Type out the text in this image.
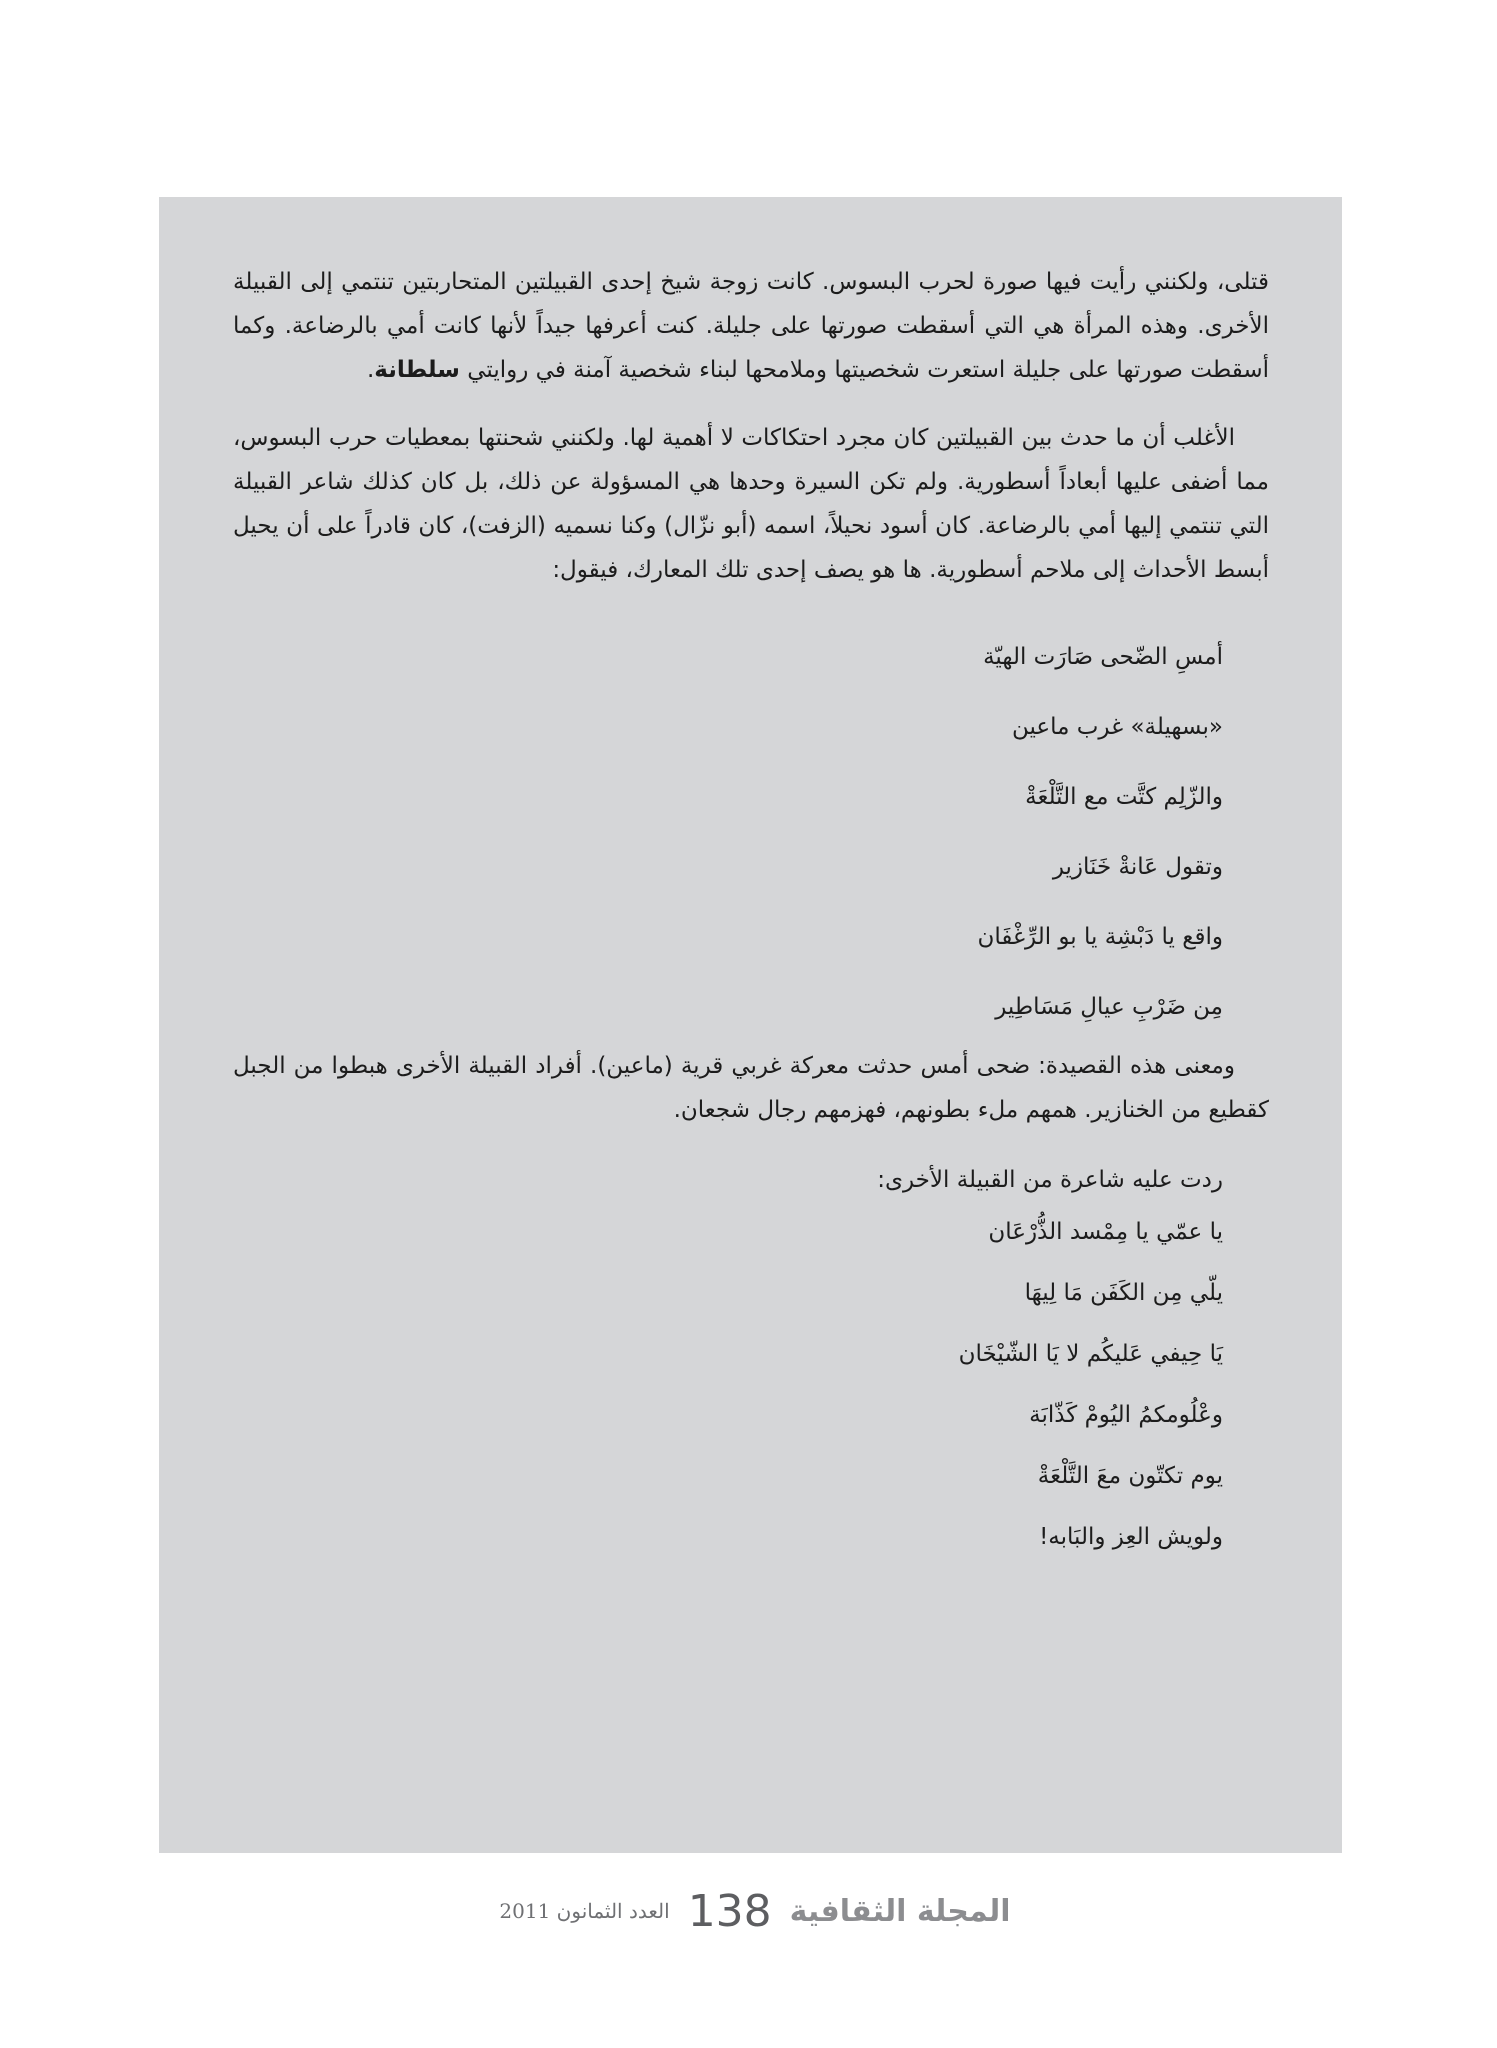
قتلى، ولكنني رأيت فيها صورة لحرب البسوس. كانت زوجة شيخ إحدى القبيلتين المتحاربتين تنتمي إلى القبيلة الأخرى. وهذه المرأة هي التي أسقطت صورتها على جليلة. كنت أعرفها جيداً لأنها كانت أمي بالرضاعة. وكما أسقطت صورتها على جليلة استعرت شخصيتها وملامحها لبناء شخصية آمنة في روايتي سلطانة.

الأغلب أن ما حدث بين القبيلتين كان مجرد احتكاكات لا أهمية لها. ولكنني شحنتها بمعطيات حرب البسوس، مما أضفى عليها أبعاداً أسطورية. ولم تكن السيرة وحدها هي المسؤولة عن ذلك، بل كان كذلك شاعر القبيلة التي تنتمي إليها أمي بالرضاعة. كان أسود نحيلاً، اسمه (أبو نزّال) وكنا نسميه (الزفت)، كان قادراً على أن يحيل أبسط الأحداث إلى ملاحم أسطورية. ها هو يصف إحدى تلك المعارك، فيقول:

أمسِ الضّحى صَارَت الهيّة
«بسهيلة» غرب ماعين
والزّلِم كتَّت مع التَّلْعَةْ
وتقول عَانةْ خَنَازير
واقع يا دَبْشِة يا بو الرِّغْفَان
مِن ضَرْبِ عيالِ مَسَاطِير

ومعنى هذه القصيدة: ضحى أمس حدثت معركة غربي قرية (ماعين). أفراد القبيلة الأخرى هبطوا من الجبل كقطيع من الخنازير. همهم ملء بطونهم، فهزمهم رجال شجعان.

ردت عليه شاعرة من القبيلة الأخرى:
يا عمّي يا مِمْسد الذُّرْعَان
يلّي مِن الكَفَن مَا لِيهَا
يَا حِيفي عَليكُم لا يَا الشّيْخَان
وعْلُومكمُ اليُومْ كَذّابَة
يوم تكتّون معَ التَّلْعَةْ
ولويش العِز والبَابه!
المجلة الثقافية
138
العدد الثمانون 2011
